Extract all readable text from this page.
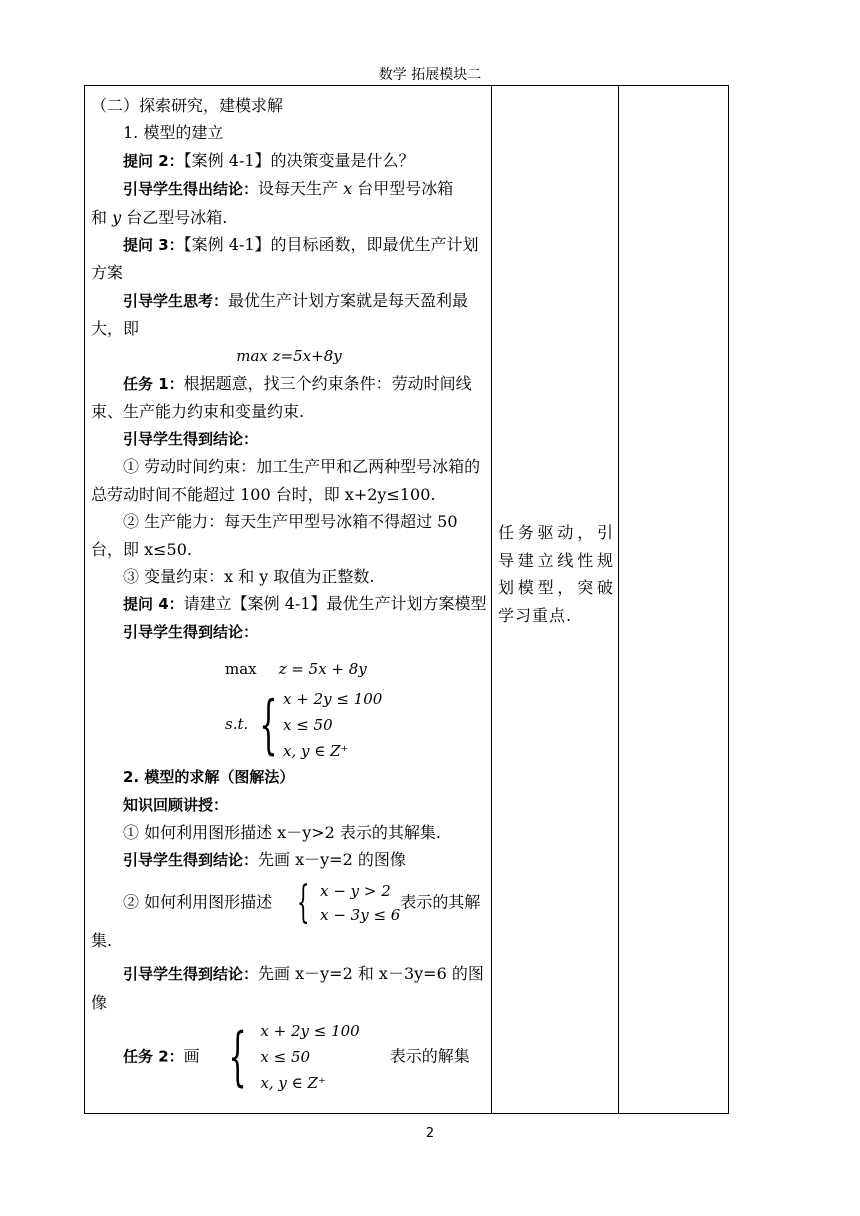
数学 拓展模块二

（二）探索研究，建模求解

1. 模型的建立

提问 2：【案例 4-1】的决策变量是什么？

引导学生得出结论：设每天生产 x 台甲型号冰箱
和 y 台乙型号冰箱.

提问 3：【案例 4-1】的目标函数，即最优生产计划方案

引导学生思考：最优生产计划方案就是每天盈利最大，即

max z=5x+8y

任务 1：根据题意，找三个约束条件：劳动时间线束、生产能力约束和变量约束.

引导学生得到结论：

① 劳动时间约束：加工生产甲和乙两种型号冰箱的总劳动时间不能超过 100 台时，即 x+2y≤100.

② 生产能力：每天生产甲型号冰箱不得超过 50 台，即 x≤50.

③ 变量约束：x 和 y 取值为正整数.

提问 4：请建立【案例 4-1】最优生产计划方案模型

引导学生得到结论：

max z = 5x + 8y
s.t. { x + 2y ≤ 100
x ≤ 50
x, y ∈ Z⁺

2. 模型的求解（图解法）

知识回顾讲授：

① 如何利用图形描述 x－y>2 表示的其解集.

引导学生得到结论：先画 x－y=2 的图像

② 如何利用图形描述 { x − y > 2
x − 3y ≤ 6
表示的其解集.

引导学生得到结论：先画 x－y=2 和 x－3y=6 的图像

任务 2：画 { x + 2y ≤ 100
x ≤ 50
x, y ∈ Z⁺
表示的解集

任务驱动，引导建立线性规划模型，突破学习重点.
2
